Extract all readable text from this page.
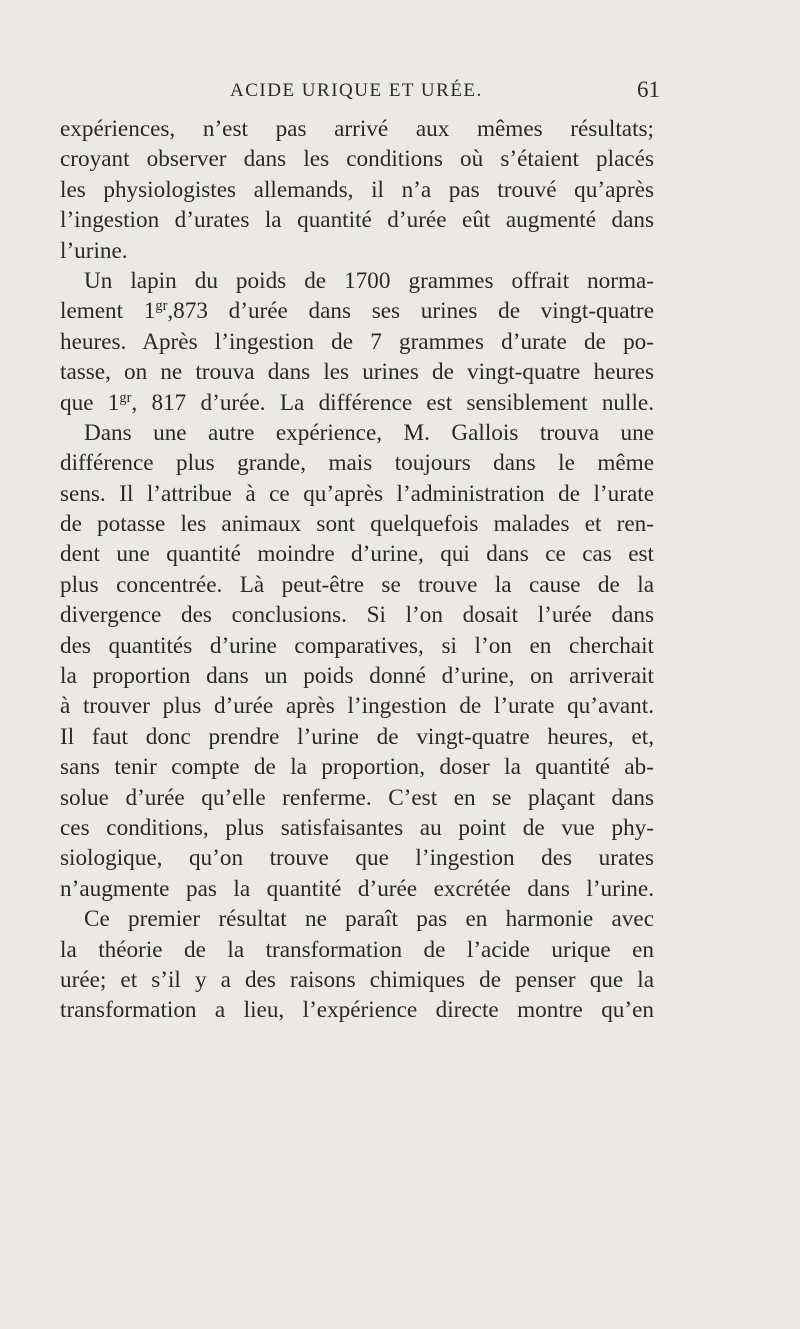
ACIDE URIQUE ET URÉE.	61
expériences, n’est pas arrivé aux mêmes résultats;
croyant observer dans les conditions où s’étaient placés
les physiologistes allemands, il n’a pas trouvé qu’après
l’ingestion d’urates la quantité d’urée eût augmenté dans
l’urine.
Un lapin du poids de 1700 grammes offrait norma-
lement $1^{gr},873$ d’urée dans ses urines de vingt-quatre
heures. Après l’ingestion de 7 grammes d’urate de po-
tasse, on ne trouva dans les urines de vingt-quatre heures
que $1^{gr}$, 817 d’urée. La différence est sensiblement nulle.
Dans une autre expérience, M. Gallois trouva une
différence plus grande, mais toujours dans le même
sens. Il l’attribue à ce qu’après l’administration de l’urate
de potasse les animaux sont quelquefois malades et ren-
dent une quantité moindre d’urine, qui dans ce cas est
plus concentrée. Là peut-être se trouve la cause de la
divergence des conclusions. Si l’on dosait l’urée dans
des quantités d’urine comparatives, si l’on en cherchait
la proportion dans un poids donné d’urine, on arriverait
à trouver plus d’urée après l’ingestion de l’urate qu’avant.
Il faut donc prendre l’urine de vingt-quatre heures, et,
sans tenir compte de la proportion, doser la quantité ab-
solue d’urée qu’elle renferme. C’est en se plaçant dans
ces conditions, plus satisfaisantes au point de vue phy-
siologique, qu’on trouve que l’ingestion des urates
n’augmente pas la quantité d’urée excrétée dans l’urine.
Ce premier résultat ne paraît pas en harmonie avec
la théorie de la transformation de l’acide urique en
urée; et s’il y a des raisons chimiques de penser que la
transformation a lieu, l’expérience directe montre qu’en
